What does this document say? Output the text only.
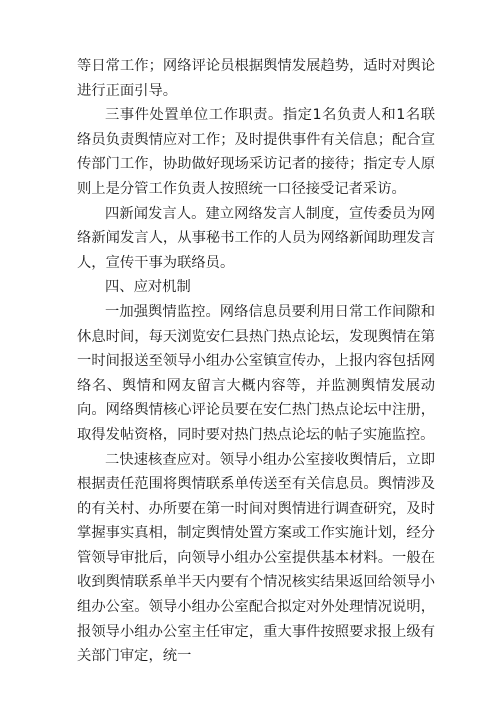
等日常工作；网络评论员根据舆情发展趋势，适时对舆论进行正面引导。

三事件处置单位工作职责。指定1名负责人和1名联络员负责舆情应对工作；及时提供事件有关信息；配合宣传部门工作，协助做好现场采访记者的接待；指定专人原则上是分管工作负责人按照统一口径接受记者采访。

四新闻发言人。建立网络发言人制度，宣传委员为网络新闻发言人，从事秘书工作的人员为网络新闻助理发言人，宣传干事为联络员。

四、应对机制

一加强舆情监控。网络信息员要利用日常工作间隙和休息时间，每天浏览安仁县热门热点论坛，发现舆情在第一时间报送至领导小组办公室镇宣传办，上报内容包括网络名、舆情和网友留言大概内容等，并监测舆情发展动向。网络舆情核心评论员要在安仁热门热点论坛中注册，取得发帖资格，同时要对热门热点论坛的帖子实施监控。

二快速核查应对。领导小组办公室接收舆情后，立即根据责任范围将舆情联系单传送至有关信息员。舆情涉及的有关村、办所要在第一时间对舆情进行调查研究，及时掌握事实真相，制定舆情处置方案或工作实施计划，经分管领导审批后，向领导小组办公室提供基本材料。一般在收到舆情联系单半天内要有个情况核实结果返回给领导小组办公室。领导小组办公室配合拟定对外处理情况说明，报领导小组办公室主任审定，重大事件按照要求报上级有关部门审定，统一
